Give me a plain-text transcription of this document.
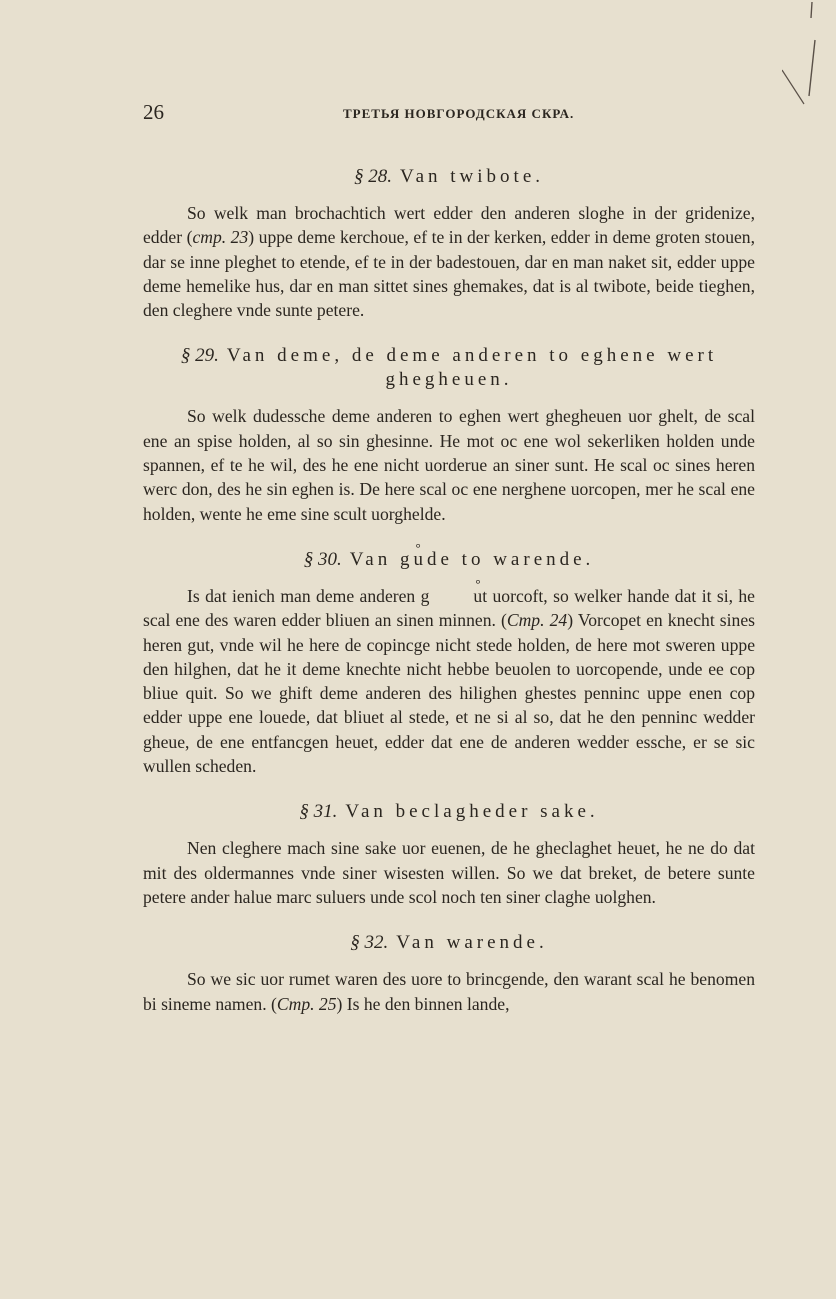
26	ТРЕТЬЯ НОВГОРОДСКАЯ СКРА.
§ 28. Van twibote.

So welk man brochachtich wert edder den anderen sloghe in der gridenize, edder (cmp. 23) uppe deme kerchoue, ef te in der kerken, edder in deme groten stouen, dar se inne pleghet to etende, ef te in der badestouen, dar en man naket sit, edder uppe deme hemelike hus, dar en man sittet sines ghemakes, dat is al twibote, beide tieghen, den cleghere vnde sunte petere.

§ 29. Van deme, de deme anderen to eghene wert ghegheuen.

So welk dudessche deme anderen to eghen wert ghegheuen uor ghelt, de scal ene an spise holden, al so sin ghesinne. He mot oc ene wol sekerliken holden unde spannen, ef te he wil, des he ene nicht uorderue an siner sunt. He scal oc sines heren werc don, des he sin eghen is. De here scal oc ene nerghene uorcopen, mer he scal ene holden, wente he eme sine scult uorghelde.

§ 30. Van g° ude to warende.

Is dat ienich man deme anderen g°	ut uorcoft, so welker hande dat it si, he scal ene des waren edder bliuen an sinen minnen. (Cmp. 24) Vorcopet en knecht sines heren gut, vnde wil he here de copincge nicht stede holden, de here mot sweren uppe den hilghen, dat he it deme knechte nicht hebbe beuolen to uorcopende, unde ee cop bliue quit. So we ghift deme anderen des hilighen ghestes penninc uppe enen cop edder uppe ene louede, dat bliuet al stede, et ne si al so, dat he den penninc wedder gheue, de ene entfancgen heuet, edder dat ene de anderen wedder essche, er se sic wullen scheden.

§ 31. Van beclagheder sake.

Nen cleghere mach sine sake uor euenen, de he gheclaghet heuet, he ne do dat mit des oldermannes vnde siner wisesten willen. So we dat breket, de betere sunte petere ander halue marc suluers unde scol noch ten siner claghe uolghen.

§ 32. Van warende.

So we sic uor rumet waren des uore to brincgende, den warant scal he benomen bi sineme namen. (Cmp. 25) Is he den binnen lande,
